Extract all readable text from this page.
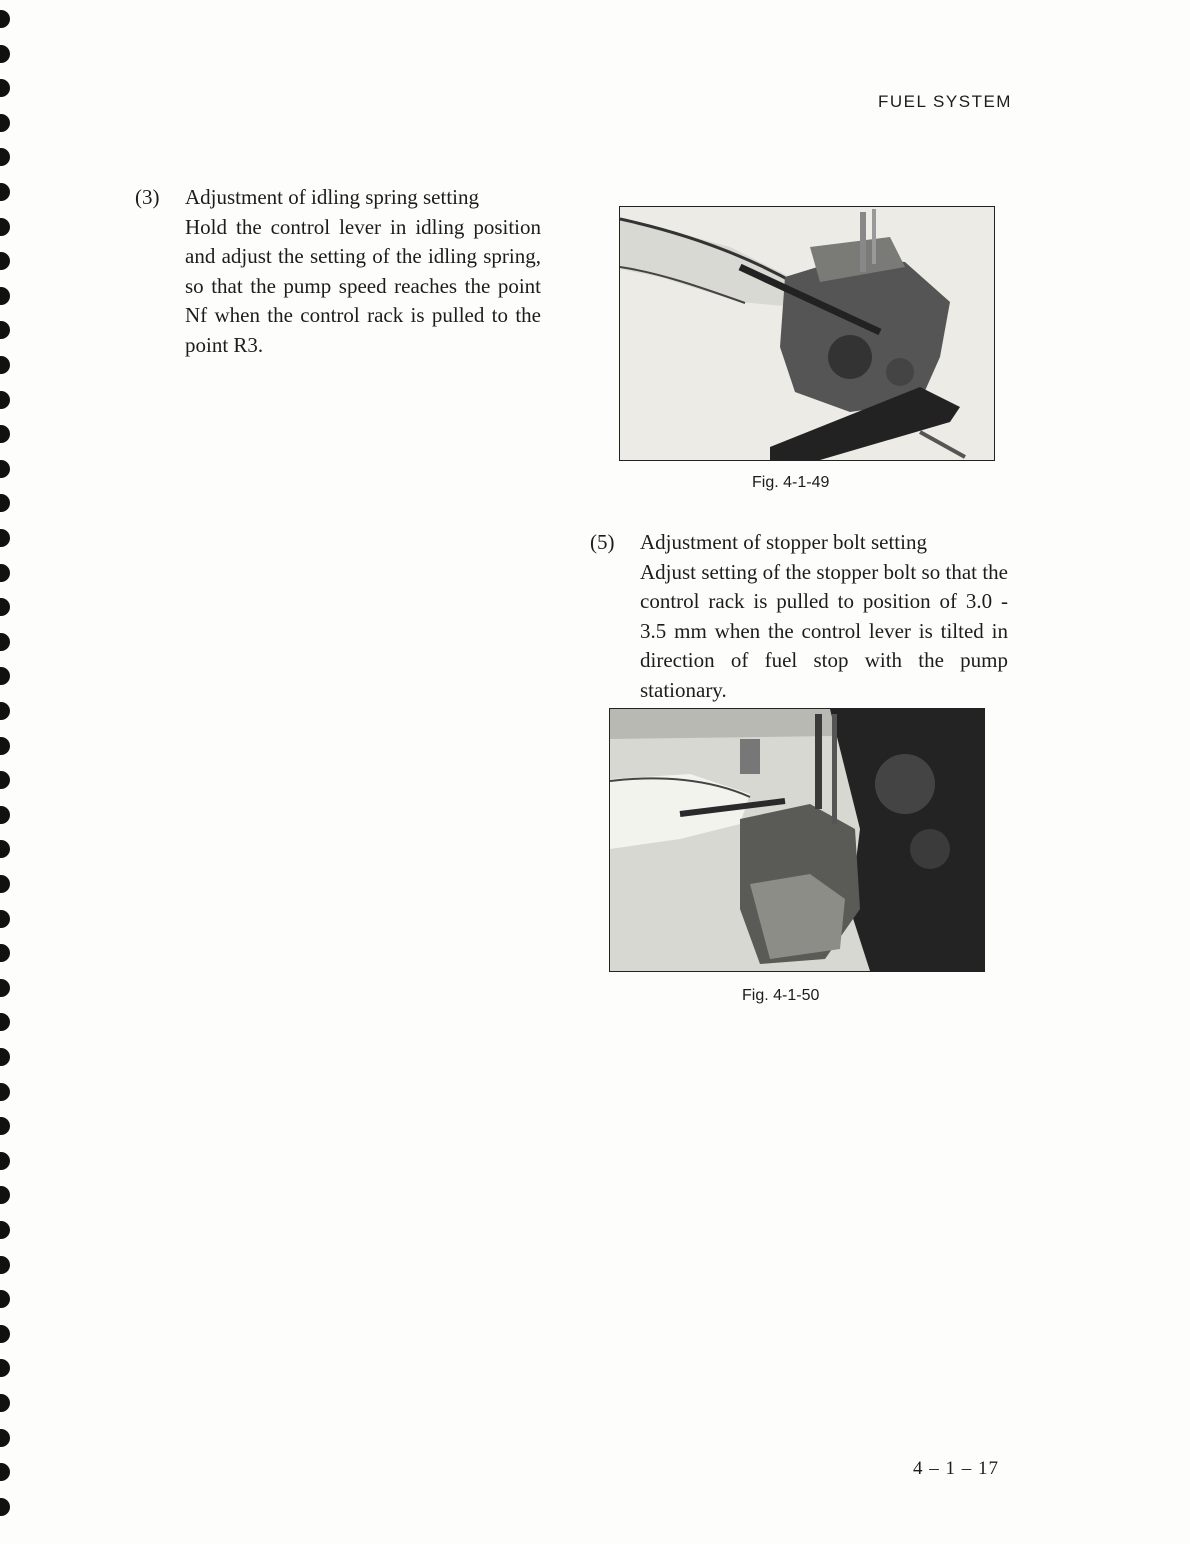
FUEL SYSTEM
(3) Adjustment of idling spring setting

Hold the control lever in idling position and adjust the setting of the idling spring, so that the pump speed reaches the point Nf when the control rack is pulled to the point R3.

Fig. 4-1-49
(5) Adjustment of stopper bolt setting

Adjust setting of the stopper bolt so that the control rack is pulled to position of 3.0 - 3.5 mm when the control lever is tilted in direction of fuel stop with the pump stationary.

Fig. 4-1-50
4 – 1 – 17
